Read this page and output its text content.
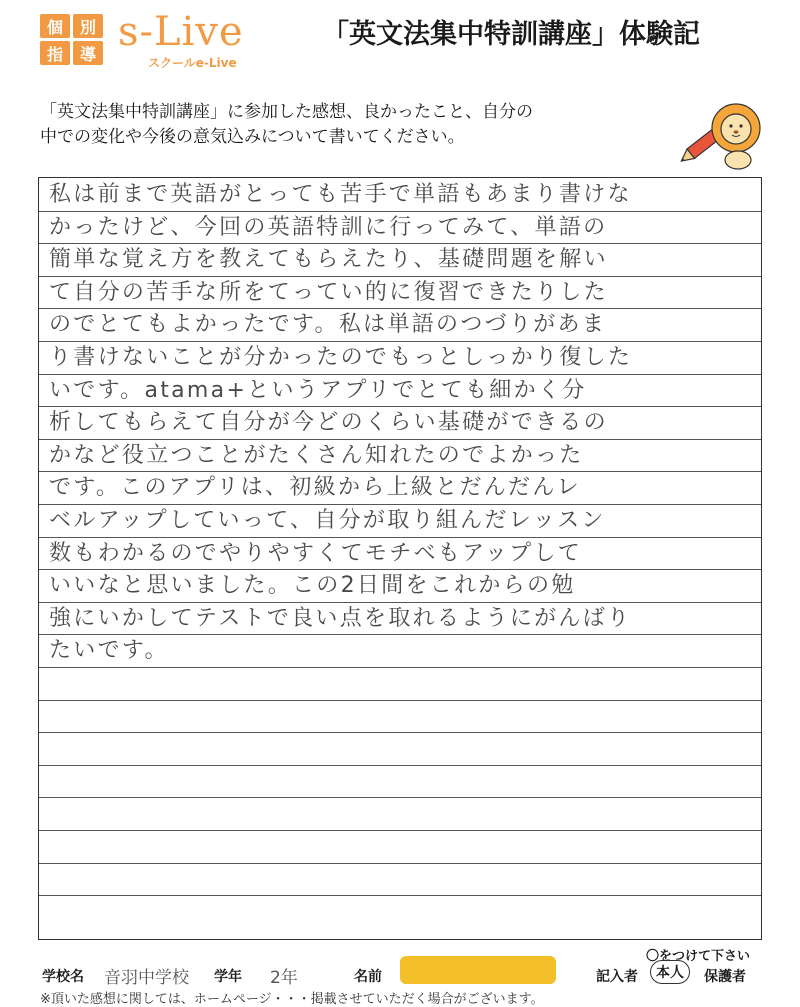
個	別
指	導 s-Live
スクールe-Live
「英文法集中特訓講座」体験記
「英文法集中特訓講座」に参加した感想、良かったこと、自分の
中での変化や今後の意気込みについて書いてください。
私は前まで英語がとっても苦手で単語もあまり書けな
かったけど、今回の英語特訓に行ってみて、単語の
簡単な覚え方を教えてもらえたり、基礎問題を解い
て自分の苦手な所をてってい的に復習できたりした
のでとてもよかったです。私は単語のつづりがあま
り書けないことが分かったのでもっとしっかり復した
いです。atama+というアプリでとても細かく分
析してもらえて自分が今どのくらい基礎ができるの
かなど役立つことがたくさん知れたのでよかった
です。このアプリは、初級から上級とだんだんレ
ベルアップしていって、自分が取り組んだレッスン
数もわかるのでやりやすくてモチベもアップして
いいなと思いました。この2日間をこれからの勉
強にいかしてテストで良い点を取れるようにがんばり
たいです。
〇をつけて下さい
学校名 音羽中学校 学年 2年	名前	記入者	本人	保護者
※頂いた感想に関しては、ホームページ・・・掲載させていただく場合がございます。
